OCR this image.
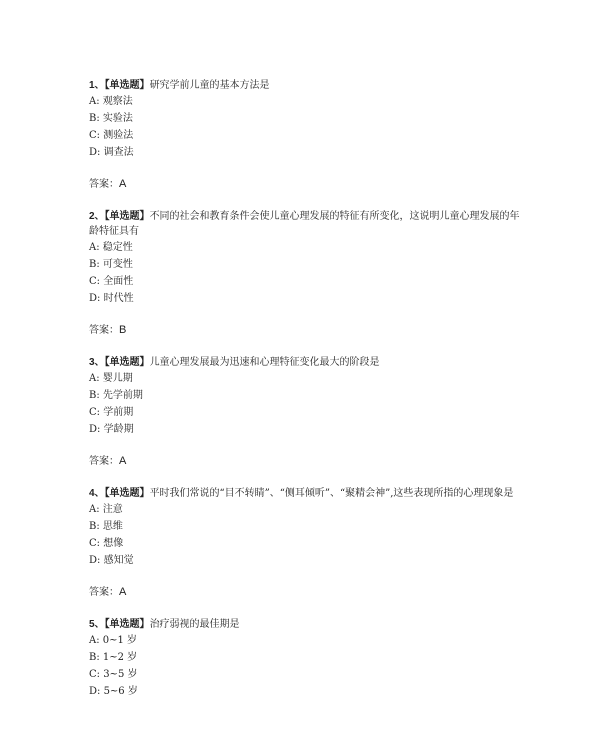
1、【单选题】研究学前儿童的基本方法是

A: 观察法

B: 实验法

C: 测验法

D: 调查法

答案：A

2、【单选题】不同的社会和教育条件会使儿童心理发展的特征有所变化，这说明儿童心理发展的年龄特征具有

A: 稳定性

B: 可变性

C: 全面性

D: 时代性

答案：B

3、【单选题】儿童心理发展最为迅速和心理特征变化最大的阶段是

A: 婴儿期

B: 先学前期

C: 学前期

D: 学龄期

答案：A

4、【单选题】平时我们常说的“目不转睛”、“侧耳倾听”、“聚精会神”,这些表现所指的心理现象是

A: 注意

B: 思维

C: 想像

D: 感知觉

答案：A

5、【单选题】治疗弱视的最佳期是

A: 0~1 岁

B: 1~2 岁

C: 3~5 岁

D: 5~6 岁
